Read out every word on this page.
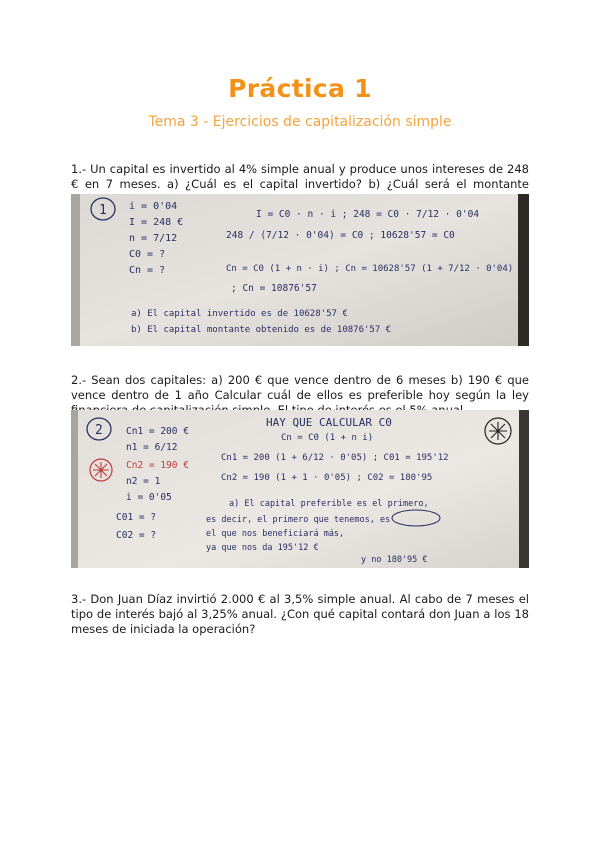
Práctica 1
Tema 3 - Ejercicios de capitalización simple

1.- Un capital es invertido al 4% simple anual y produce unos intereses de 248 € en 7 meses. a) ¿Cuál es el capital invertido? b) ¿Cuál será el montante

1 i = 0'04
I = 248 €
n = 7/12
C0 = ?
Cn = ?
I = C0 · n · i ; 248 = C0 · 7/12 · 0'04
248 / (7/12 · 0'04) = C0 ; 10628'57 = C0
Cn = C0 (1 + n · i) ; Cn = 10628'57 (1 + 7/12 · 0'04)
; Cn = 10876'57
a) El capital invertido es de 10628'57 €
b) El capital montante obtenido es de 10876'57 €

2.- Sean dos capitales: a) 200 € que vence dentro de 6 meses b) 190 € que vence dentro de 1 año Calcular cuál de ellos es preferible hoy según la ley

2
HAY QUE CALCULAR C0
Cn = C0 (1 + n i)
Cn1 = 200 €
n1 = 6/12
Cn2 = 190 €
n2 = 1
i = 0'05
C01 = ?
C02 = ?
Cn1 = 200 (1 + 6/12 · 0'05) ; C01 = 195'12
Cn2 = 190 (1 + 1 · 0'05) ; C02 = 180'95
a) El capital preferible es el primero,
es decir, el primero que tenemos, es
el que nos beneficiará más,
ya que nos da 195'12 €
y no 180'95 €

3.- Don Juan Díaz invirtió 2.000 € al 3,5% simple anual. Al cabo de 7 meses el tipo de interés bajó al 3,25% anual. ¿Con qué capital contará don Juan a los 18 meses de iniciada la operación?
